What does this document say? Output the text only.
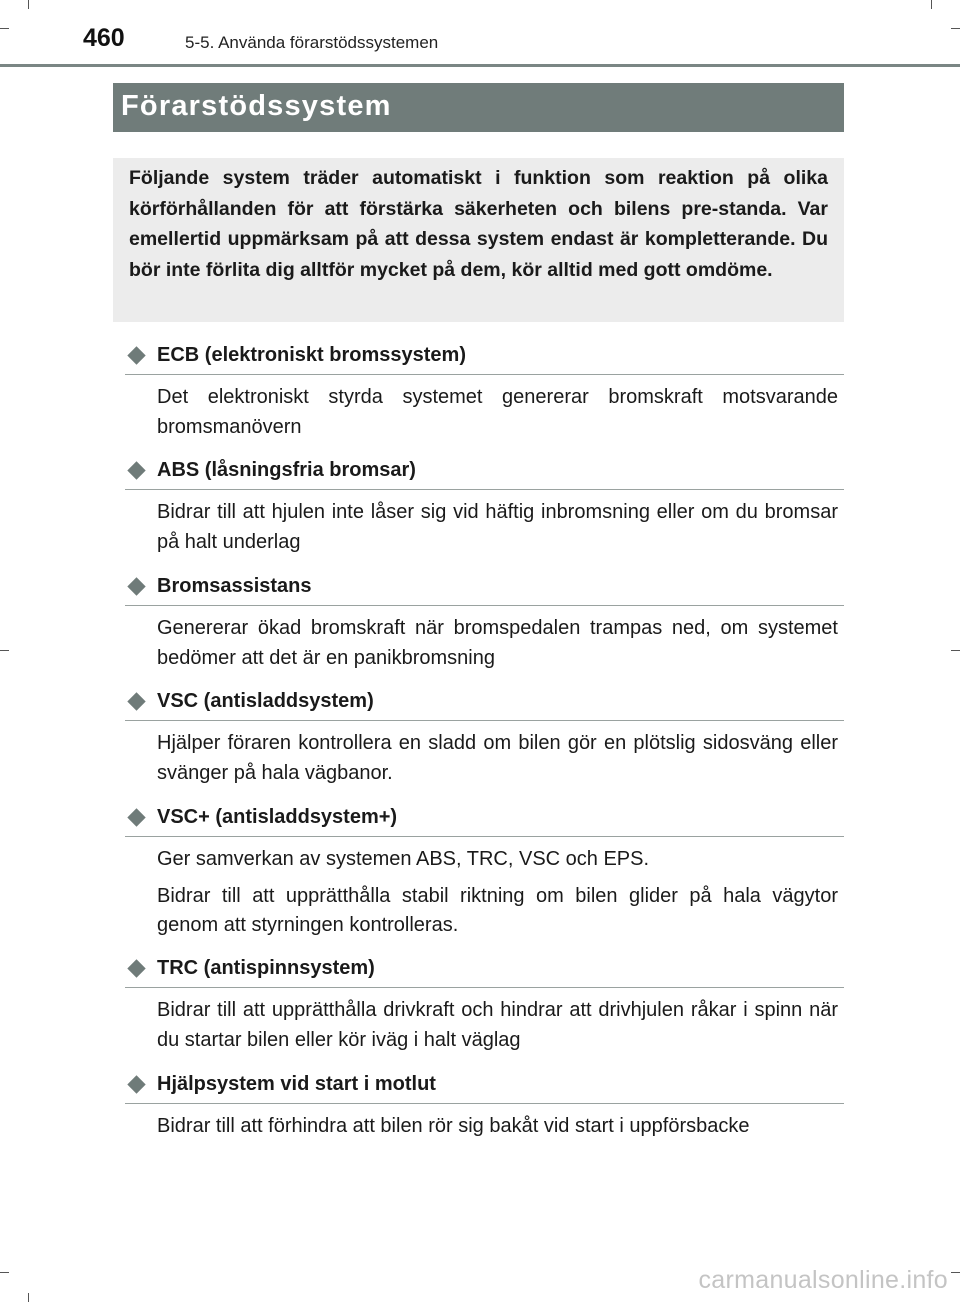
460	5-5. Använda förarstödssystemen
Förarstödssystem

Följande system träder automatiskt i funktion som reaktion på olika körförhållanden för att förstärka säkerheten och bilens pre-standa. Var emellertid uppmärksam på att dessa system endast är kompletterande. Du bör inte förlita dig alltför mycket på dem, kör alltid med gott omdöme.

ECB (elektroniskt bromssystem)

Det elektroniskt styrda systemet genererar bromskraft motsvarande bromsmanövern

ABS (låsningsfria bromsar)

Bidrar till att hjulen inte låser sig vid häftig inbromsning eller om du bromsar på halt underlag

Bromsassistans

Genererar ökad bromskraft när bromspedalen trampas ned, om systemet bedömer att det är en panikbromsning

VSC (antisladdsystem)

Hjälper föraren kontrollera en sladd om bilen gör en plötslig sidosväng eller svänger på hala vägbanor.

VSC+ (antisladdsystem+)

Ger samverkan av systemen ABS, TRC, VSC och EPS.

Bidrar till att upprätthålla stabil riktning om bilen glider på hala vägytor genom att styrningen kontrolleras.

TRC (antispinnsystem)

Bidrar till att upprätthålla drivkraft och hindrar att drivhjulen råkar i spinn när du startar bilen eller kör iväg i halt väglag

Hjälpsystem vid start i motlut

Bidrar till att förhindra att bilen rör sig bakåt vid start i uppförsbacke

carmanualsonline.info
